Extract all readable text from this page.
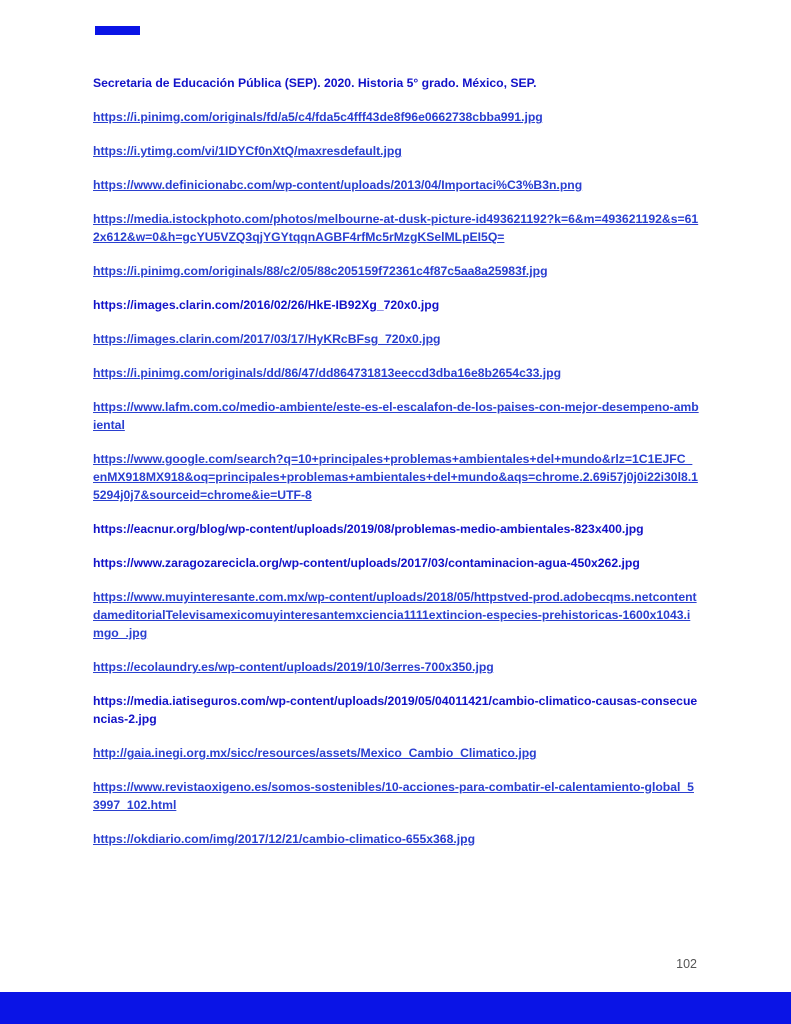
Secretaria de Educación Pública (SEP). 2020. Historia 5° grado. México, SEP.

https://i.pinimg.com/originals/fd/a5/c4/fda5c4fff43de8f96e0662738cbba991.jpg

https://i.ytimg.com/vi/1IDYCf0nXtQ/maxresdefault.jpg

https://www.definicionabc.com/wp-content/uploads/2013/04/Importaci%C3%B3n.png

https://media.istockphoto.com/photos/melbourne-at-dusk-picture-id493621192?k=6&m=493621192&s=612x612&w=0&h=gcYU5VZQ3qjYGYtqqnAGBF4rfMc5rMzgKSelMLpEI5Q=

https://i.pinimg.com/originals/88/c2/05/88c205159f72361c4f87c5aa8a25983f.jpg

https://images.clarin.com/2016/02/26/HkE-IB92Xg_720x0.jpg

https://images.clarin.com/2017/03/17/HyKRcBFsg_720x0.jpg

https://i.pinimg.com/originals/dd/86/47/dd864731813eeccd3dba16e8b2654c33.jpg

https://www.lafm.com.co/medio-ambiente/este-es-el-escalafon-de-los-paises-con-mejor-desempeno-ambiental

https://www.google.com/search?q=10+principales+problemas+ambientales+del+mundo&rlz=1C1EJFC_enMX918MX918&oq=principales+problemas+ambientales+del+mundo&aqs=chrome.2.69i57j0j0i22i30l8.15294j0j7&sourceid=chrome&ie=UTF-8

https://eacnur.org/blog/wp-content/uploads/2019/08/problemas-medio-ambientales-823x400.jpg

https://www.zaragozarecicla.org/wp-content/uploads/2017/03/contaminacion-agua-450x262.jpg

https://www.muyinteresante.com.mx/wp-content/uploads/2018/05/httpstved-prod.adobecqms.netcontentdameditorialTelevisamexicomuyinteresantemxciencia1111extincion-especies-prehistoricas-1600x1043.imgo_.jpg

https://ecolaundry.es/wp-content/uploads/2019/10/3erres-700x350.jpg

https://media.iatiseguros.com/wp-content/uploads/2019/05/04011421/cambio-climatico-causas-consecuencias-2.jpg

http://gaia.inegi.org.mx/sicc/resources/assets/Mexico_Cambio_Climatico.jpg

https://www.revistaoxigeno.es/somos-sostenibles/10-acciones-para-combatir-el-calentamiento-global_53997_102.html

https://okdiario.com/img/2017/12/21/cambio-climatico-655x368.jpg

102
